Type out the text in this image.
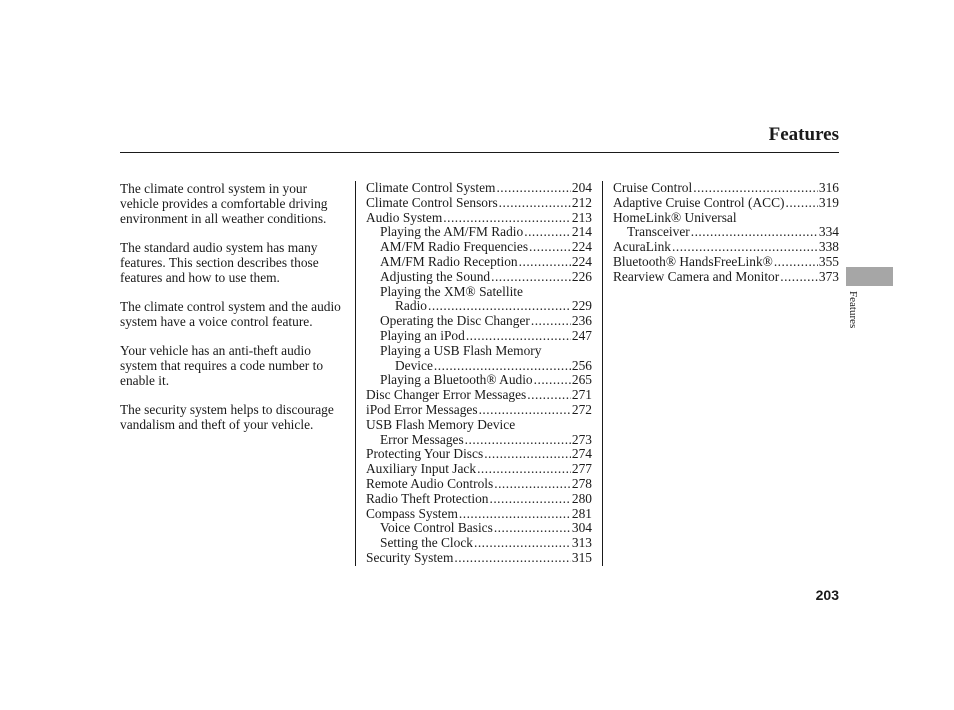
Features

The climate control system in your vehicle provides a comfortable driving environment in all weather conditions.

The standard audio system has many features. This section describes those features and how to use them.

The climate control system and the audio system have a voice control feature.

Your vehicle has an anti-theft audio system that requires a code number to enable it.

The security system helps to discourage vandalism and theft of your vehicle.

Climate Control System .....	204
Climate Control Sensors .....	212
Audio System .....	213
Playing the AM/FM Radio .....	214
AM/FM Radio Frequencies .....	224
AM/FM Radio Reception .....	224
Adjusting the Sound .....	226
Playing the XM® Satellite
Radio .....	229
Operating the Disc Changer .....	236
Playing an iPod .....	247
Playing a USB Flash Memory
Device .....	256
Playing a Bluetooth® Audio .....	265
Disc Changer Error Messages .....	271
iPod Error Messages .....	272
USB Flash Memory Device
Error Messages .....	273
Protecting Your Discs .....	274
Auxiliary Input Jack .....	277
Remote Audio Controls .....	278
Radio Theft Protection .....	280
Compass System .....	281
Voice Control Basics .....	304
Setting the Clock .....	313
Security System .....	315
Cruise Control .....	316
Adaptive Cruise Control (ACC) .....	319
HomeLink® Universal
Transceiver .....	334
AcuraLink .....	338
Bluetooth® HandsFreeLink® .....	355
Rearview Camera and Monitor .....	373
Features
203
